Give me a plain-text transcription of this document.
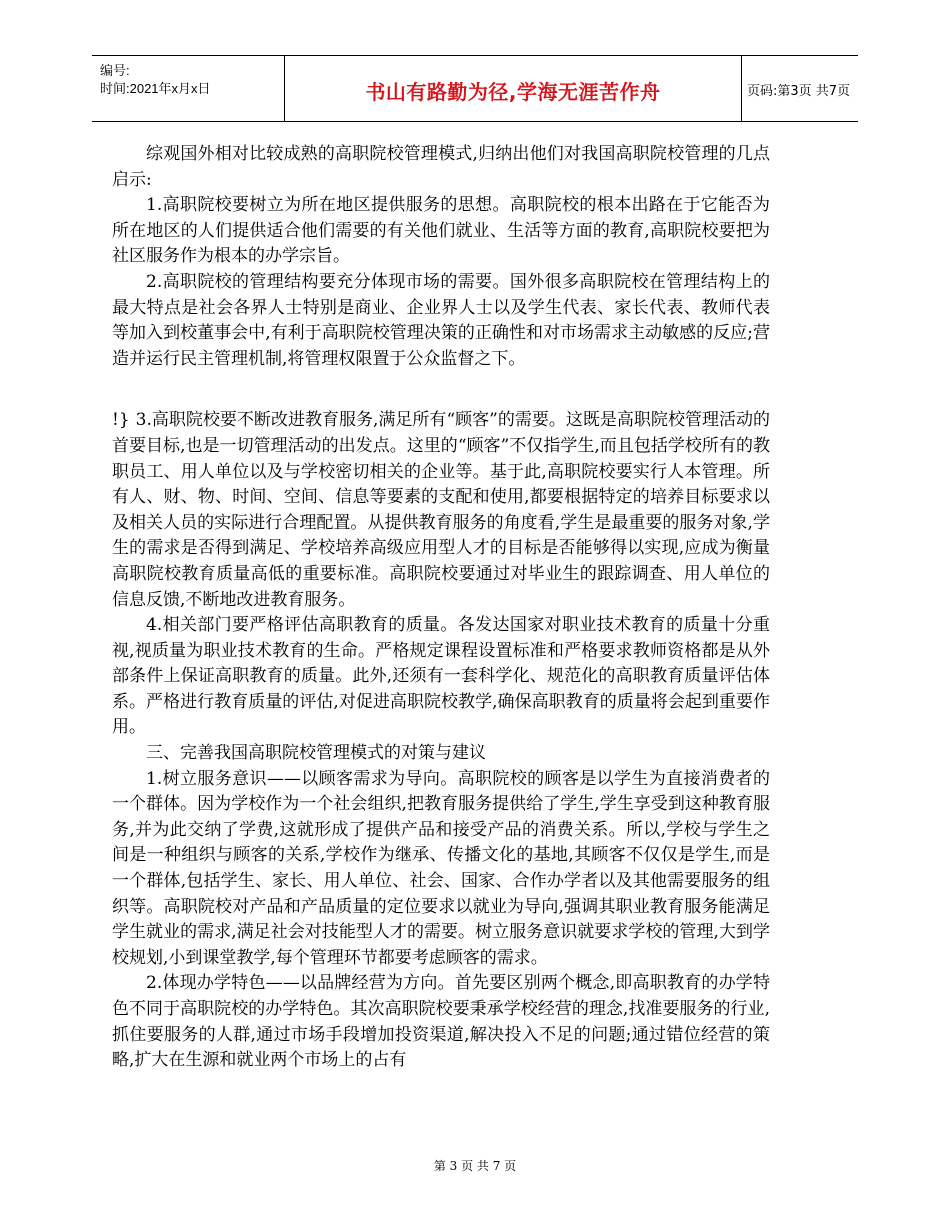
编号:
时间:2021年x月x日	书山有路勤为径,学海无涯苦作舟	页码:第3页 共7页

综观国外相对比较成熟的高职院校管理模式,归纳出他们对我国高职院校管理的几点启示:

1.高职院校要树立为所在地区提供服务的思想。高职院校的根本出路在于它能否为所在地区的人们提供适合他们需要的有关他们就业、生活等方面的教育,高职院校要把为社区服务作为根本的办学宗旨。

2.高职院校的管理结构要充分体现市场的需要。国外很多高职院校在管理结构上的最大特点是社会各界人士特别是商业、企业界人士以及学生代表、家长代表、教师代表等加入到校董事会中,有利于高职院校管理决策的正确性和对市场需求主动敏感的反应;营造并运行民主管理机制,将管理权限置于公众监督之下。

!} 3.高职院校要不断改进教育服务,满足所有“顾客”的需要。这既是高职院校管理活动的首要目标,也是一切管理活动的出发点。这里的“顾客”不仅指学生,而且包括学校所有的教职员工、用人单位以及与学校密切相关的企业等。基于此,高职院校要实行人本管理。所有人、财、物、时间、空间、信息等要素的支配和使用,都要根据特定的培养目标要求以及相关人员的实际进行合理配置。从提供教育服务的角度看,学生是最重要的服务对象,学生的需求是否得到满足、学校培养高级应用型人才的目标是否能够得以实现,应成为衡量高职院校教育质量高低的重要标准。高职院校要通过对毕业生的跟踪调查、用人单位的信息反馈,不断地改进教育服务。

4.相关部门要严格评估高职教育的质量。各发达国家对职业技术教育的质量十分重视,视质量为职业技术教育的生命。严格规定课程设置标准和严格要求教师资格都是从外部条件上保证高职教育的质量。此外,还须有一套科学化、规范化的高职教育质量评估体系。严格进行教育质量的评估,对促进高职院校教学,确保高职教育的质量将会起到重要作用。

三、完善我国高职院校管理模式的对策与建议

1.树立服务意识——以顾客需求为导向。高职院校的顾客是以学生为直接消费者的一个群体。因为学校作为一个社会组织,把教育服务提供给了学生,学生享受到这种教育服务,并为此交纳了学费,这就形成了提供产品和接受产品的消费关系。所以,学校与学生之间是一种组织与顾客的关系,学校作为继承、传播文化的基地,其顾客不仅仅是学生,而是一个群体,包括学生、家长、用人单位、社会、国家、合作办学者以及其他需要服务的组织等。高职院校对产品和产品质量的定位要求以就业为导向,强调其职业教育服务能满足学生就业的需求,满足社会对技能型人才的需要。树立服务意识就要求学校的管理,大到学校规划,小到课堂教学,每个管理环节都要考虑顾客的需求。

2.体现办学特色——以品牌经营为方向。首先要区别两个概念,即高职教育的办学特色不同于高职院校的办学特色。其次高职院校要秉承学校经营的理念,找准要服务的行业,抓住要服务的人群,通过市场手段增加投资渠道,解决投入不足的问题;通过错位经营的策略,扩大在生源和就业两个市场上的占有

第 3 页 共 7 页
